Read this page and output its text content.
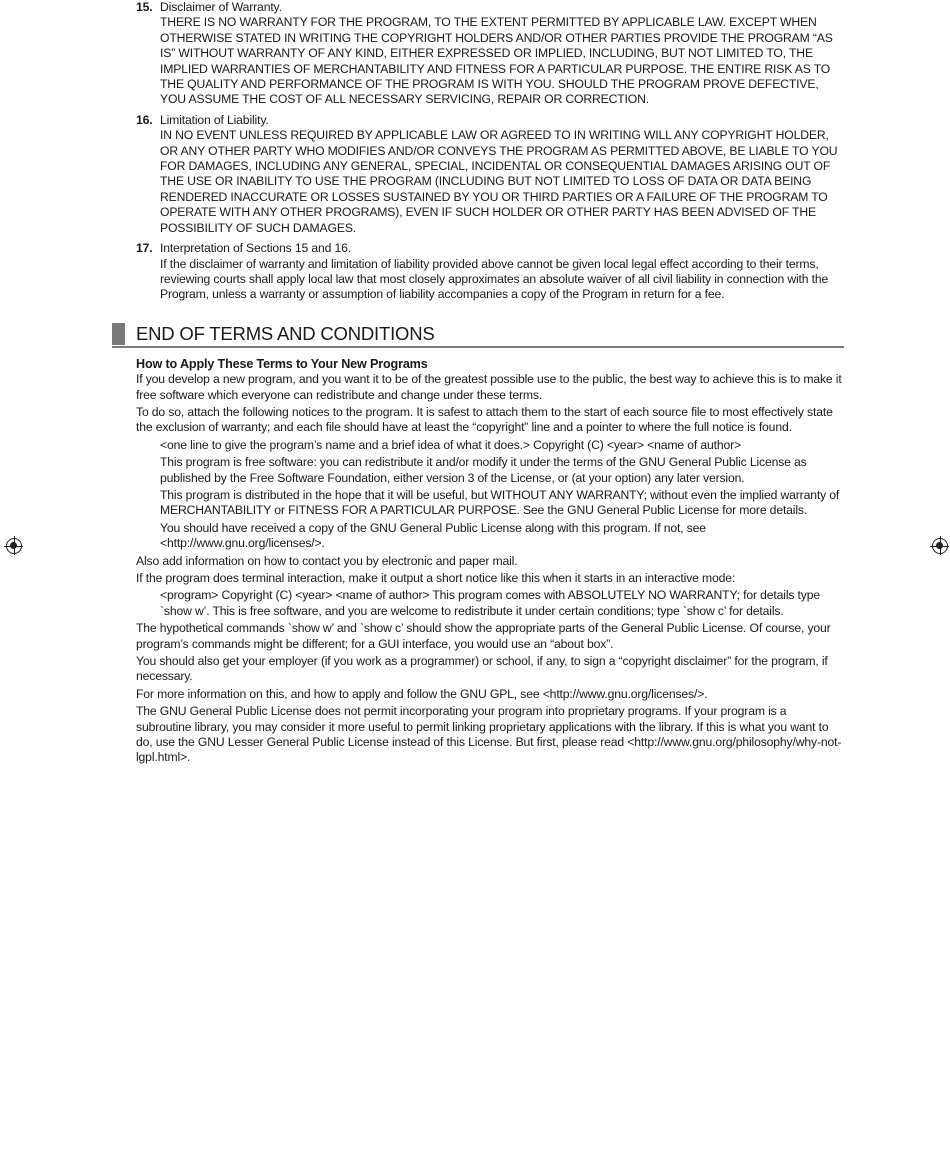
15. Disclaimer of Warranty.
THERE IS NO WARRANTY FOR THE PROGRAM, TO THE EXTENT PERMITTED BY APPLICABLE LAW. EXCEPT WHEN OTHERWISE STATED IN WRITING THE COPYRIGHT HOLDERS AND/OR OTHER PARTIES PROVIDE THE PROGRAM “AS IS” WITHOUT WARRANTY OF ANY KIND, EITHER EXPRESSED OR IMPLIED, INCLUDING, BUT NOT LIMITED TO, THE IMPLIED WARRANTIES OF MERCHANTABILITY AND FITNESS FOR A PARTICULAR PURPOSE. THE ENTIRE RISK AS TO THE QUALITY AND PERFORMANCE OF THE PROGRAM IS WITH YOU. SHOULD THE PROGRAM PROVE DEFECTIVE, YOU ASSUME THE COST OF ALL NECESSARY SERVICING, REPAIR OR CORRECTION.
16. Limitation of Liability.
IN NO EVENT UNLESS REQUIRED BY APPLICABLE LAW OR AGREED TO IN WRITING WILL ANY COPYRIGHT HOLDER, OR ANY OTHER PARTY WHO MODIFIES AND/OR CONVEYS THE PROGRAM AS PERMITTED ABOVE, BE LIABLE TO YOU FOR DAMAGES, INCLUDING ANY GENERAL, SPECIAL, INCIDENTAL OR CONSEQUENTIAL DAMAGES ARISING OUT OF THE USE OR INABILITY TO USE THE PROGRAM (INCLUDING BUT NOT LIMITED TO LOSS OF DATA OR DATA BEING RENDERED INACCURATE OR LOSSES SUSTAINED BY YOU OR THIRD PARTIES OR A FAILURE OF THE PROGRAM TO OPERATE WITH ANY OTHER PROGRAMS), EVEN IF SUCH HOLDER OR OTHER PARTY HAS BEEN ADVISED OF THE POSSIBILITY OF SUCH DAMAGES.
17. Interpretation of Sections 15 and 16.
If the disclaimer of warranty and limitation of liability provided above cannot be given local legal effect according to their terms, reviewing courts shall apply local law that most closely approximates an absolute waiver of all civil liability in connection with the Program, unless a warranty or assumption of liability accompanies a copy of the Program in return for a fee.
END OF TERMS AND CONDITIONS
How to Apply These Terms to Your New Programs

If you develop a new program, and you want it to be of the greatest possible use to the public, the best way to achieve this is to make it free software which everyone can redistribute and change under these terms.

To do so, attach the following notices to the program. It is safest to attach them to the start of each source file to most effectively state the exclusion of warranty; and each file should have at least the “copyright” line and a pointer to where the full notice is found.

<one line to give the program’s name and a brief idea of what it does.> Copyright (C) <year> <name of author>

This program is free software: you can redistribute it and/or modify it under the terms of the GNU General Public License as published by the Free Software Foundation, either version 3 of the License, or (at your option) any later version.

This program is distributed in the hope that it will be useful, but WITHOUT ANY WARRANTY; without even the implied warranty of MERCHANTABILITY or FITNESS FOR A PARTICULAR PURPOSE. See the GNU General Public License for more details.

You should have received a copy of the GNU General Public License along with this program. If not, see <http://www.gnu.org/licenses/>.

Also add information on how to contact you by electronic and paper mail.

If the program does terminal interaction, make it output a short notice like this when it starts in an interactive mode:

<program> Copyright (C) <year> <name of author> This program comes with ABSOLUTELY NO WARRANTY; for details type `show w’. This is free software, and you are welcome to redistribute it under certain conditions; type `show c’ for details.

The hypothetical commands `show w’ and `show c’ should show the appropriate parts of the General Public License. Of course, your program’s commands might be different; for a GUI interface, you would use an “about box”.

You should also get your employer (if you work as a programmer) or school, if any, to sign a “copyright disclaimer” for the program, if necessary.

For more information on this, and how to apply and follow the GNU GPL, see <http://www.gnu.org/licenses/>.

The GNU General Public License does not permit incorporating your program into proprietary programs. If your program is a subroutine library, you may consider it more useful to permit linking proprietary applications with the library. If this is what you want to do, use the GNU Lesser General Public License instead of this License. But first, please read <http://www.gnu.org/philosophy/why-not-lgpl.html>.
